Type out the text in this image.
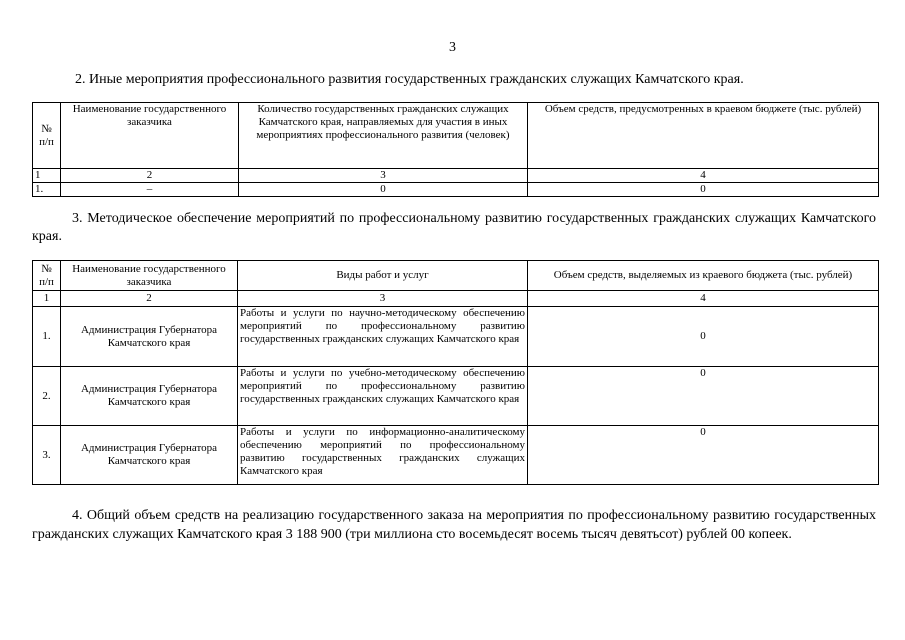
3
2. Иные мероприятия профессионального развития государственных гражданских служащих Камчатского края.
№
п/п	Наименование государственного заказчика	Количество государственных гражданских служащих Камчатского края, направляемых для участия в иных мероприятиях профессионального развития (человек)	Объем средств, предусмотренных в краевом бюджете (тыс. рублей)
1	2	3	4
1.	–	0	0
3. Методическое обеспечение мероприятий по профессиональному развитию государственных гражданских служащих Камчатского края.
№
п/п	Наименование государственного заказчика	Виды работ и услуг	Объем средств, выделяемых из краевого бюджета (тыс. рублей)
1	2	3	4
1.	Администрация Губернатора Камчатского края	Работы и услуги по научно-методическому обеспечению мероприятий по профессиональному развитию государственных гражданских служащих Камчатского края	0
2.	Администрация Губернатора Камчатского края	Работы и услуги по учебно-методическому обеспечению мероприятий по профессиональному развитию государственных гражданских служащих Камчатского края	0
3.	Администрация Губернатора Камчатского края	Работы и услуги по информационно-аналитическому обеспечению мероприятий по профессиональному развитию государственных гражданских служащих Камчатского края	0
4. Общий объем средств на реализацию государственного заказа на мероприятия по профессиональному развитию государственных гражданских служащих Камчатского края 3 188 900 (три миллиона сто восемьдесят восемь тысяч девятьсот) рублей 00 копеек.
